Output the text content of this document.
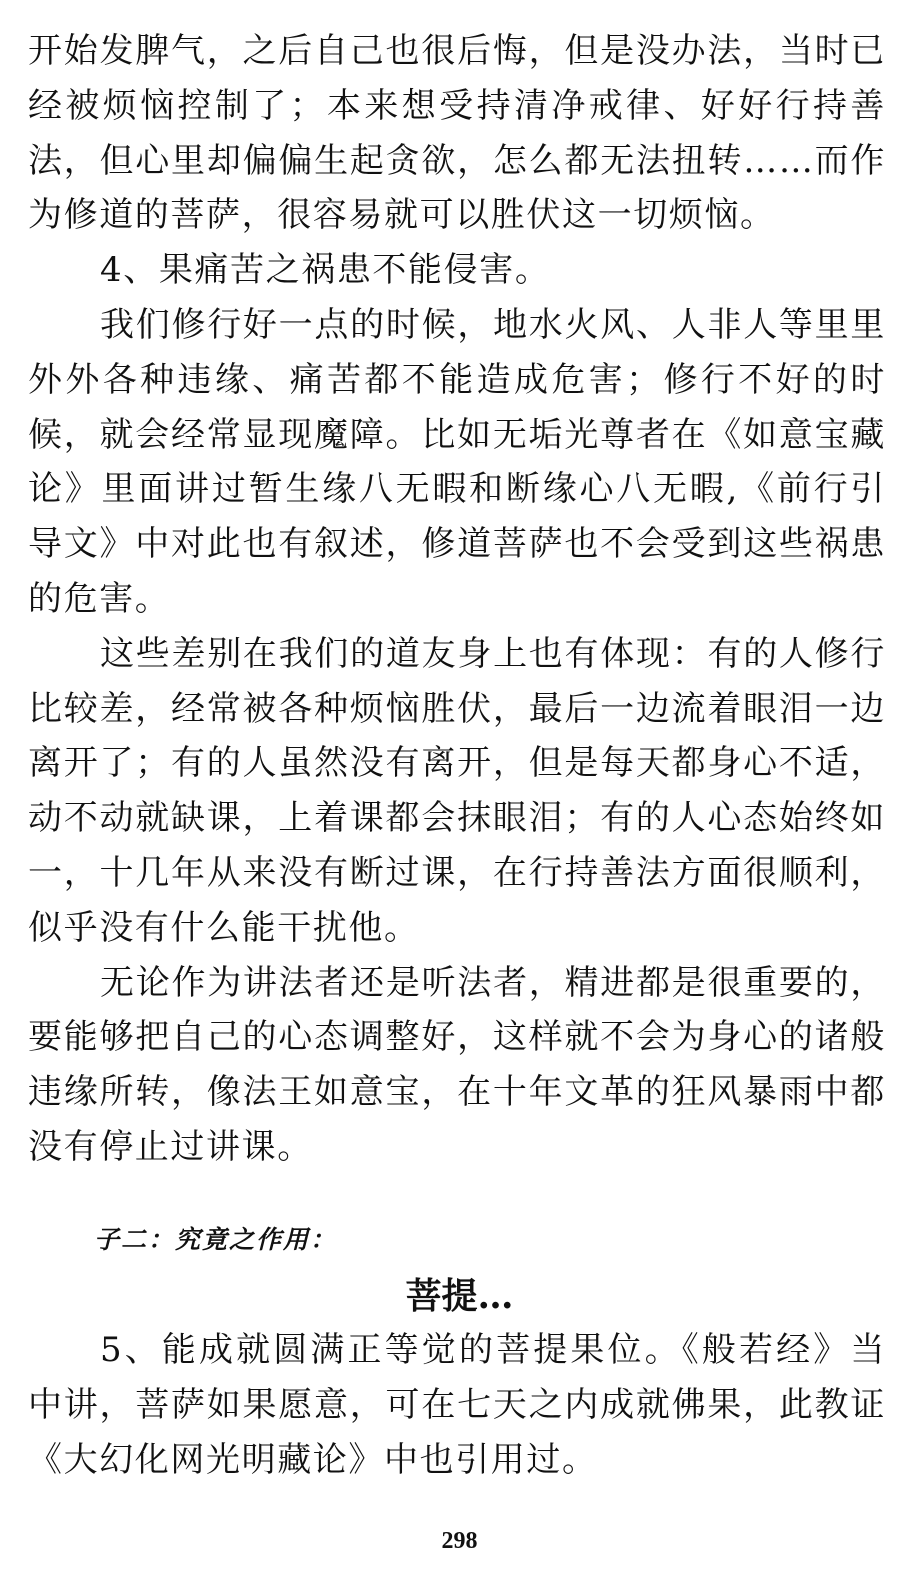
开始发脾气，之后自己也很后悔，但是没办法，当时已经被烦恼控制了；本来想受持清净戒律、好好行持善法，但心里却偏偏生起贪欲，怎么都无法扭转……而作为修道的菩萨，很容易就可以胜伏这一切烦恼。

4、果痛苦之祸患不能侵害。

我们修行好一点的时候，地水火风、人非人等里里外外各种违缘、痛苦都不能造成危害；修行不好的时候，就会经常显现魔障。比如无垢光尊者在《如意宝藏论》里面讲过暂生缘八无暇和断缘心八无暇,《前行引导文》中对此也有叙述，修道菩萨也不会受到这些祸患的危害。

这些差别在我们的道友身上也有体现：有的人修行比较差，经常被各种烦恼胜伏，最后一边流着眼泪一边离开了；有的人虽然没有离开，但是每天都身心不适，动不动就缺课，上着课都会抹眼泪；有的人心态始终如一，十几年从来没有断过课，在行持善法方面很顺利，似乎没有什么能干扰他。

无论作为讲法者还是听法者，精进都是很重要的，要能够把自己的心态调整好，这样就不会为身心的诸般违缘所转，像法王如意宝，在十年文革的狂风暴雨中都没有停止过讲课。

子二：究竟之作用：

菩提…

5、能成就圆满正等觉的菩提果位。《般若经》当中讲，菩萨如果愿意，可在七天之内成就佛果，此教证《大幻化网光明藏论》中也引用过。

298
